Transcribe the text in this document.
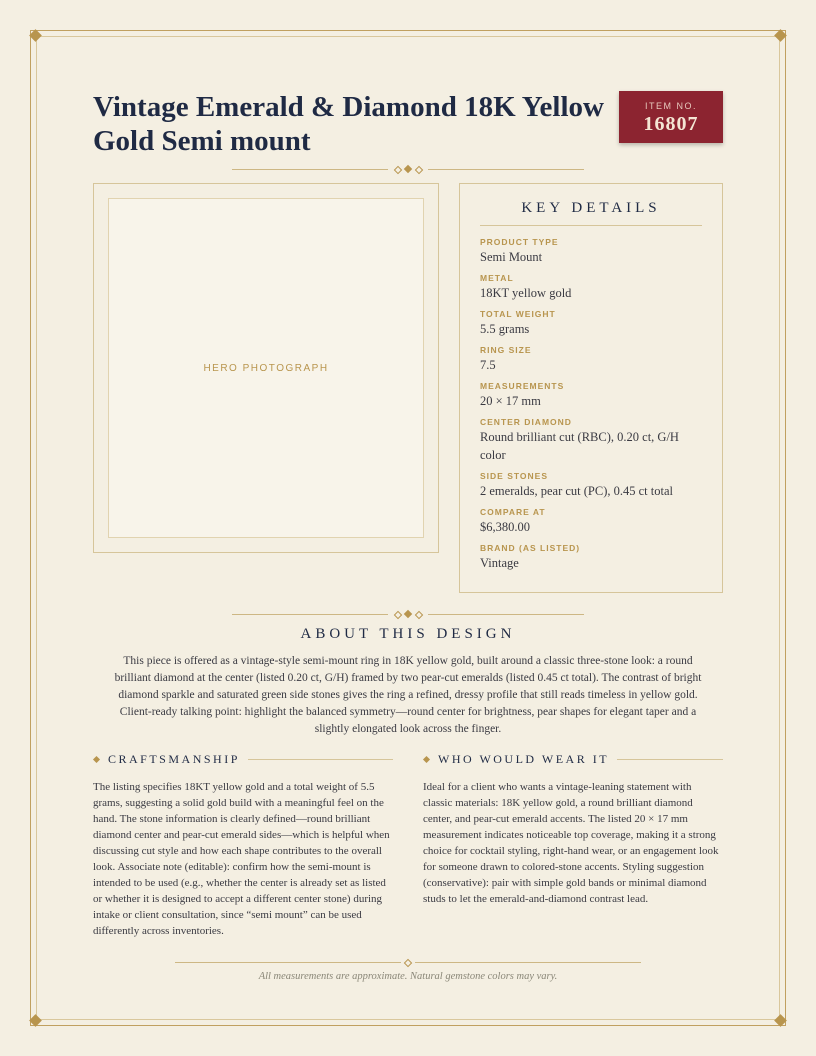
Vintage Emerald & Diamond 18K Yellow Gold Semi mount
ITEM NO.
16807
HERO PHOTOGRAPH
KEY DETAILS
PRODUCT TYPE
Semi Mount
METAL
18KT yellow gold
TOTAL WEIGHT
5.5 grams
RING SIZE
7.5
MEASUREMENTS
20 × 17 mm
CENTER DIAMOND
Round brilliant cut (RBC), 0.20 ct, G/H color
SIDE STONES
2 emeralds, pear cut (PC), 0.45 ct total
COMPARE AT
$6,380.00
BRAND (AS LISTED)
Vintage
ABOUT THIS DESIGN

This piece is offered as a vintage-style semi-mount ring in 18K yellow gold, built around a classic three-stone look: a round brilliant diamond at the center (listed 0.20 ct, G/H) framed by two pear-cut emeralds (listed 0.45 ct total). The contrast of bright diamond sparkle and saturated green side stones gives the ring a refined, dressy profile that still reads timeless in yellow gold. Client-ready talking point: highlight the balanced symmetry—round center for brightness, pear shapes for elegant taper and a slightly elongated look across the finger.

CRAFTSMANSHIP

The listing specifies 18KT yellow gold and a total weight of 5.5 grams, suggesting a solid gold build with a meaningful feel on the hand. The stone information is clearly defined—round brilliant diamond center and pear-cut emerald sides—which is helpful when discussing cut style and how each shape contributes to the overall look. Associate note (editable): confirm how the semi-mount is intended to be used (e.g., whether the center is already set as listed or whether it is designed to accept a different center stone) during intake or client consultation, since “semi mount” can be used differently across inventories.

WHO WOULD WEAR IT

Ideal for a client who wants a vintage-leaning statement with classic materials: 18K yellow gold, a round brilliant diamond center, and pear-cut emerald accents. The listed 20 × 17 mm measurement indicates noticeable top coverage, making it a strong choice for cocktail styling, right-hand wear, or an engagement look for someone drawn to colored-stone accents. Styling suggestion (conservative): pair with simple gold bands or minimal diamond studs to let the emerald-and-diamond contrast lead.

All measurements are approximate. Natural gemstone colors may vary.
